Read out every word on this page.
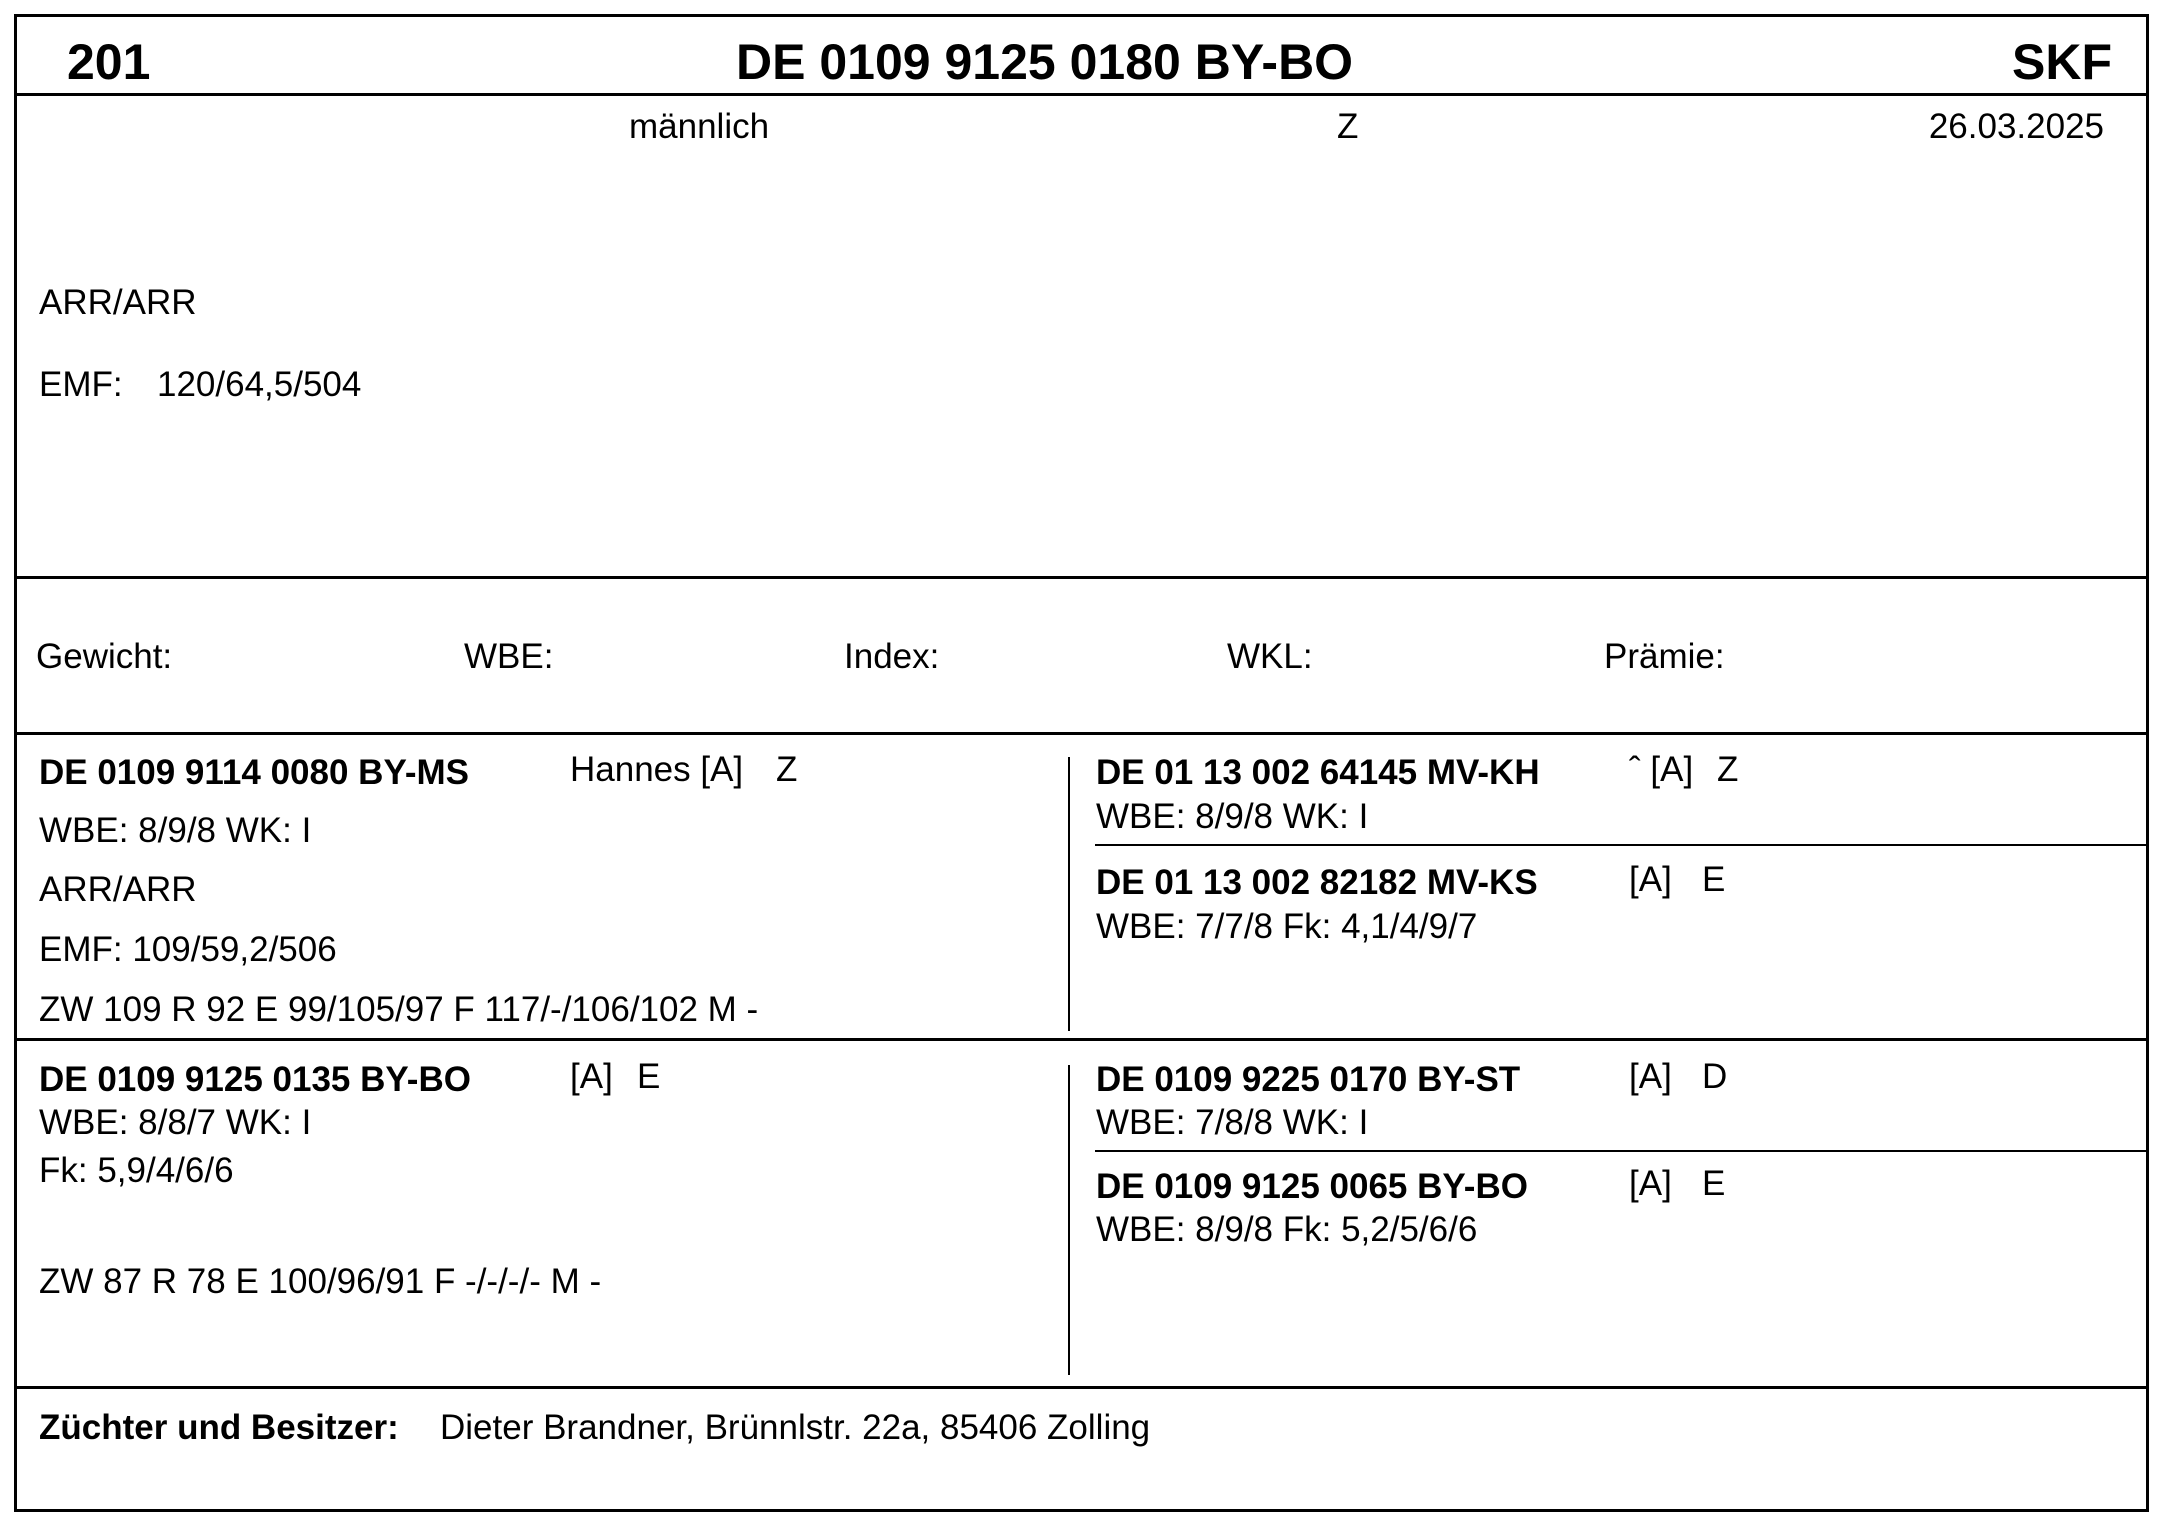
201	DE 0109 9125 0180 BY-BO	SKF
männlich	Z	26.03.2025
ARR/ARR
EMF: 120/64,5/504
Gewicht:	WBE:	Index:	WKL:	Prämie:
DE 0109 9114 0080 BY-MS	Hannes [A] Z
WBE: 8/9/8 WK: I
ARR/ARR
EMF: 109/59,2/506
ZW 109 R 92 E 99/105/97 F 117/-/106/102 M -
DE 01 13 002 64145 MV-KH	ˆ [A] Z
WBE: 8/9/8 WK: I
DE 01 13 002 82182 MV-KS	[A] E
WBE: 7/7/8 Fk: 4,1/4/9/7
DE 0109 9125 0135 BY-BO	[A] E
WBE: 8/8/7 WK: I
Fk: 5,9/4/6/6
ZW 87 R 78 E 100/96/91 F -/-/-/- M -
DE 0109 9225 0170 BY-ST	[A] D
WBE: 7/8/8 WK: I
DE 0109 9125 0065 BY-BO	[A] E
WBE: 8/9/8 Fk: 5,2/5/6/6
Züchter und Besitzer: Dieter Brandner, Brünnlstr. 22a, 85406 Zolling
